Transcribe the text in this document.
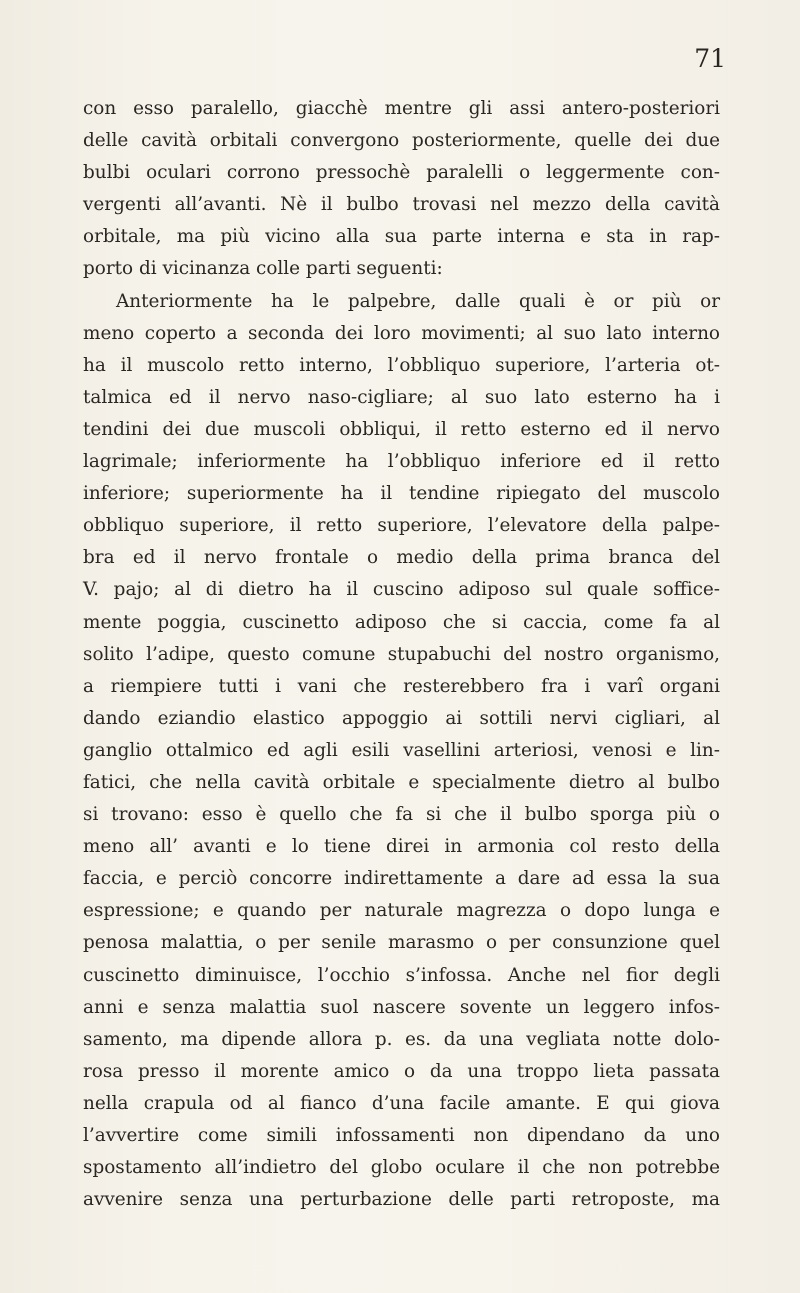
71
con esso paralello, giacchè mentre gli assi antero-posteriori
delle cavità orbitali convergono posteriormente, quelle dei due
bulbi oculari corrono pressochè paralelli o leggermente con-
vergenti all’avanti. Nè il bulbo trovasi nel mezzo della cavità
orbitale, ma più vicino alla sua parte interna e sta in rap-
porto di vicinanza colle parti seguenti:
Anteriormente ha le palpebre, dalle quali è or più or
meno coperto a seconda dei loro movimenti; al suo lato interno
ha il muscolo retto interno, l’obbliquo superiore, l’arteria ot-
talmica ed il nervo naso-cigliare; al suo lato esterno ha i
tendini dei due muscoli obbliqui, il retto esterno ed il nervo
lagrimale; inferiormente ha l’obbliquo inferiore ed il retto
inferiore; superiormente ha il tendine ripiegato del muscolo
obbliquo superiore, il retto superiore, l’elevatore della palpe-
bra ed il nervo frontale o medio della prima branca del
V. pajo; al di dietro ha il cuscino adiposo sul quale soffice-
mente poggia, cuscinetto adiposo che si caccia, come fa al
solito l’adipe, questo comune stupabuchi del nostro organismo,
a riempiere tutti i vani che resterebbero fra i varî organi
dando eziandio elastico appoggio ai sottili nervi cigliari, al
ganglio ottalmico ed agli esili vasellini arteriosi, venosi e lin-
fatici, che nella cavità orbitale e specialmente dietro al bulbo
si trovano: esso è quello che fa si che il bulbo sporga più o
meno all’ avanti e lo tiene direi in armonia col resto della
faccia, e perciò concorre indirettamente a dare ad essa la sua
espressione; e quando per naturale magrezza o dopo lunga e
penosa malattia, o per senile marasmo o per consunzione quel
cuscinetto diminuisce, l’occhio s’infossa. Anche nel fior degli
anni e senza malattia suol nascere sovente un leggero infos-
samento, ma dipende allora p. es. da una vegliata notte dolo-
rosa presso il morente amico o da una troppo lieta passata
nella crapula od al fianco d’una facile amante. E qui giova
l’avvertire come simili infossamenti non dipendano da uno
spostamento all’indietro del globo oculare il che non potrebbe
avvenire senza una perturbazione delle parti retroposte, ma
